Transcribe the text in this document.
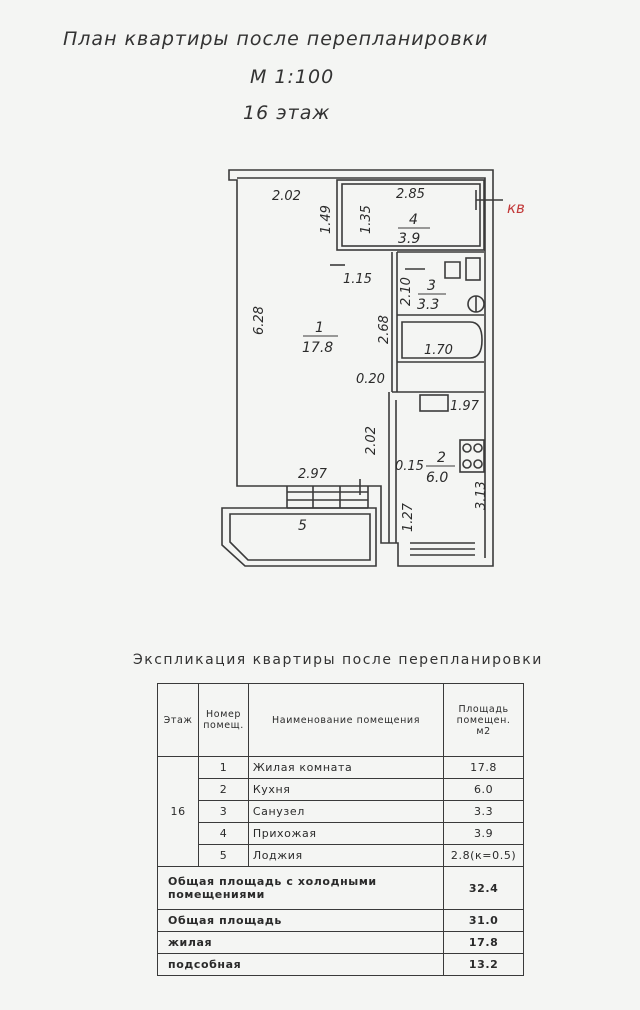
План квартиры после перепланировки
М 1:100
16 этаж
2.02
1.49 1.35
2.85
6.28
1.15 2.10
2.68
1.70
0.20
1.97
2.02
0.15
3.13
2.97
1.27
1
17.8
2
6.0
3
3.3
4
3.9
5
кв
Экспликация квартиры после перепланировки
Этаж	Номер помещ.	Наименование помещения	Площадь помещен. м2
16	1	Жилая комната	17.8
	2	Кухня	6.0
	3	Санузел	3.3
	4	Прихожая	3.9
	5	Лоджия	2.8(к=0.5)
Общая площадь с холодными помещениями			32.4
Общая площадь			31.0
жилая			17.8
подсобная			13.2
